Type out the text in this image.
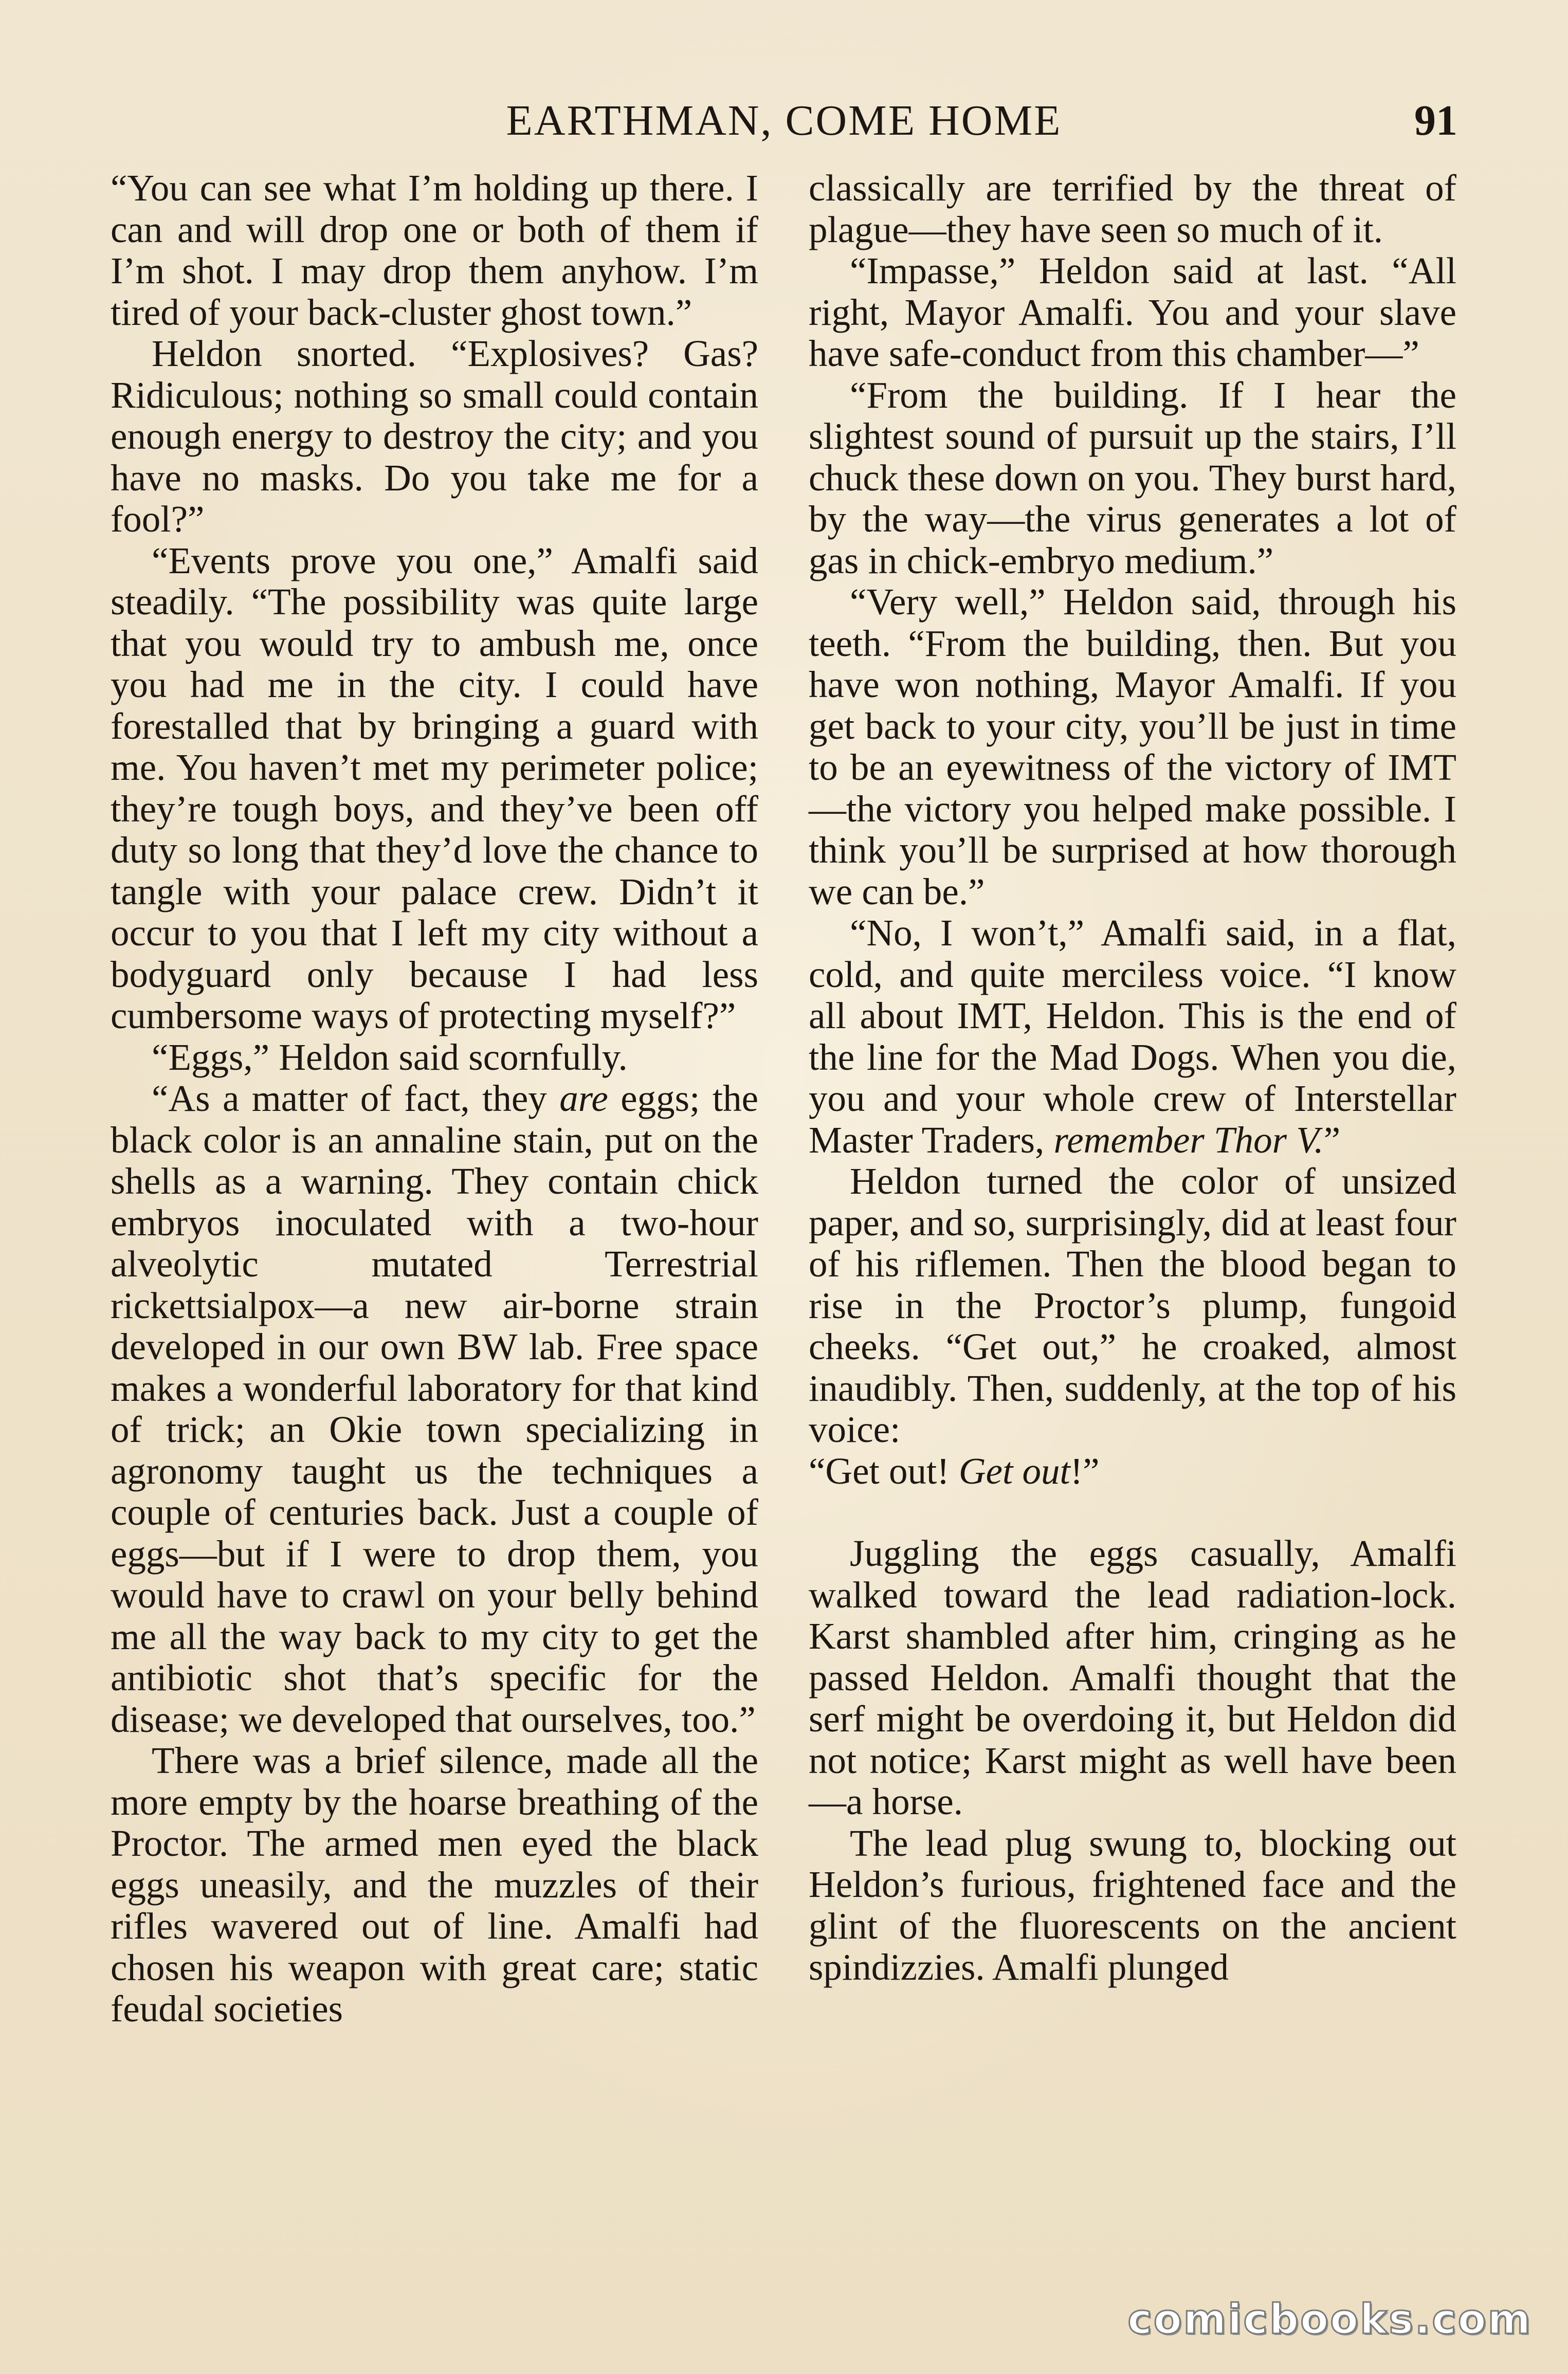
EARTHMAN, COME HOME	91

“You can see what I’m holding up there. I can and will drop one or both of them if I’m shot. I may drop them anyhow. I’m tired of your back-cluster ghost town.”

Heldon snorted. “Explosives? Gas? Ridiculous; nothing so small could contain enough energy to destroy the city; and you have no masks. Do you take me for a fool?”

“Events prove you one,” Amalfi said steadily. “The possibility was quite large that you would try to ambush me, once you had me in the city. I could have forestalled that by bringing a guard with me. You haven’t met my perimeter police; they’re tough boys, and they’ve been off duty so long that they’d love the chance to tangle with your palace crew. Didn’t it occur to you that I left my city without a bodyguard only because I had less cumbersome ways of protecting myself?”

“Eggs,” Heldon said scornfully.

“As a matter of fact, they are eggs; the black color is an annaline stain, put on the shells as a warning. They contain chick embryos inoculated with a two-hour alveolytic mutated Terrestrial rickettsialpox—a new air-borne strain developed in our own BW lab. Free space makes a wonderful laboratory for that kind of trick; an Okie town specializing in agronomy taught us the techniques a couple of centuries back. Just a couple of eggs—but if I were to drop them, you would have to crawl on your belly behind me all the way back to my city to get the antibiotic shot that’s specific for the disease; we developed that ourselves, too.”

There was a brief silence, made all the more empty by the hoarse breathing of the Proctor. The armed men eyed the black eggs uneasily, and the muzzles of their rifles wavered out of line. Amalfi had chosen his weapon with great care; static feudal societies

classically are terrified by the threat of plague—they have seen so much of it.

“Impasse,” Heldon said at last. “All right, Mayor Amalfi. You and your slave have safe-conduct from this chamber—”

“From the building. If I hear the slightest sound of pursuit up the stairs, I’ll chuck these down on you. They burst hard, by the way—the virus generates a lot of gas in chick-embryo medium.”

“Very well,” Heldon said, through his teeth. “From the building, then. But you have won nothing, Mayor Amalfi. If you get back to your city, you’ll be just in time to be an eyewitness of the victory of IMT—the victory you helped make possible. I think you’ll be surprised at how thorough we can be.”

“No, I won’t,” Amalfi said, in a flat, cold, and quite merciless voice. “I know all about IMT, Heldon. This is the end of the line for the Mad Dogs. When you die, you and your whole crew of Interstellar Master Traders, remember Thor V.”

Heldon turned the color of unsized paper, and so, surprisingly, did at least four of his riflemen. Then the blood began to rise in the Proctor’s plump, fungoid cheeks. “Get out,” he croaked, almost inaudibly. Then, suddenly, at the top of his voice:

“Get out! Get out!”

Juggling the eggs casually, Amalfi walked toward the lead radiation-lock. Karst shambled after him, cringing as he passed Heldon. Amalfi thought that the serf might be overdoing it, but Heldon did not notice; Karst might as well have been—a horse.

The lead plug swung to, blocking out Heldon’s furious, frightened face and the glint of the fluorescents on the ancient spindizzies. Amalfi plunged

comicbooks.com
